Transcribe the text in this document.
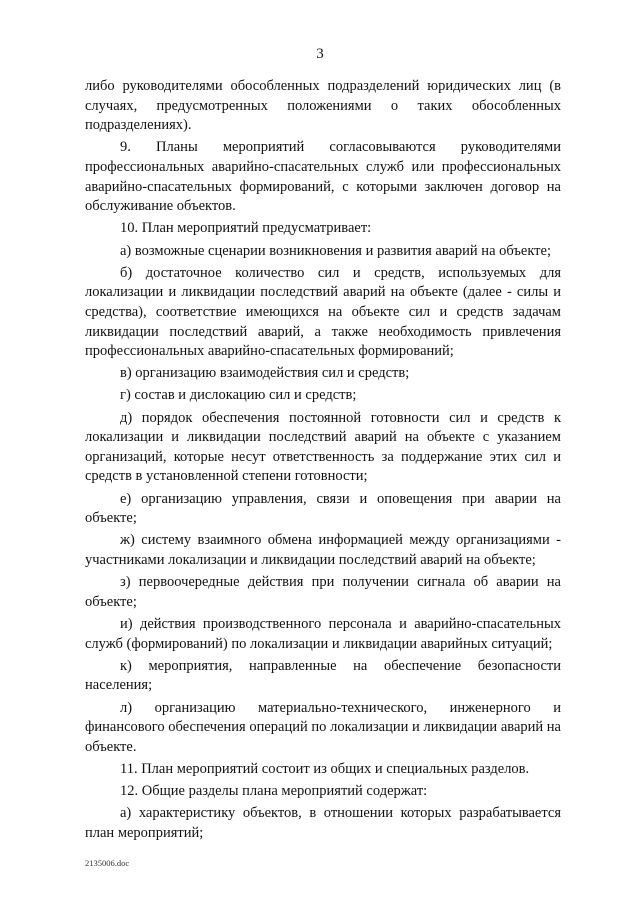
3

либо руководителями обособленных подразделений юридических лиц (в случаях, предусмотренных положениями о таких обособленных подразделениях).

9. Планы мероприятий согласовываются руководителями профессиональных аварийно-спасательных служб или профессиональных аварийно-спасательных формирований, с которыми заключен договор на обслуживание объектов.

10. План мероприятий предусматривает:

а) возможные сценарии возникновения и развития аварий на объекте;

б) достаточное количество сил и средств, используемых для локализации и ликвидации последствий аварий на объекте (далее - силы и средства), соответствие имеющихся на объекте сил и средств задачам ликвидации последствий аварий, а также необходимость привлечения профессиональных аварийно-спасательных формирований;

в) организацию взаимодействия сил и средств;

г) состав и дислокацию сил и средств;

д) порядок обеспечения постоянной готовности сил и средств к локализации и ликвидации последствий аварий на объекте с указанием организаций, которые несут ответственность за поддержание этих сил и средств в установленной степени готовности;

е) организацию управления, связи и оповещения при аварии на объекте;

ж) систему взаимного обмена информацией между организациями - участниками локализации и ликвидации последствий аварий на объекте;

з) первоочередные действия при получении сигнала об аварии на объекте;

и) действия производственного персонала и аварийно-спасательных служб (формирований) по локализации и ликвидации аварийных ситуаций;

к) мероприятия, направленные на обеспечение безопасности населения;

л) организацию материально-технического, инженерного и финансового обеспечения операций по локализации и ликвидации аварий на объекте.

11. План мероприятий состоит из общих и специальных разделов.

12. Общие разделы плана мероприятий содержат:

а) характеристику объектов, в отношении которых разрабатывается план мероприятий;

2135006.doc
